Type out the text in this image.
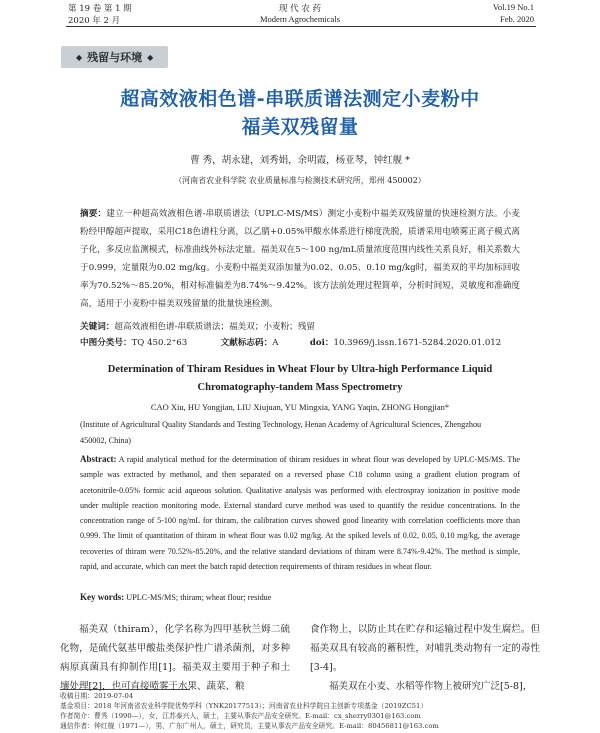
第 19 卷 第 1 期
2020 年 2 月
现 代 农 药
Modern Agrochemicals
Vol.19 No.1
Feb. 2020
◆ 残留与环境 ◆
超高效液相色谱-串联质谱法测定小麦粉中
福美双残留量
曹 秀，胡永建，刘秀娟，余明霞，杨亚琴，钟红舰 *
（河南省农业科学院 农业质量标准与检测技术研究所，郑州 450002）
摘要：建立一种超高效液相色谱-串联质谱法（UPLC-MS/MS）测定小麦粉中福美双残留量的快速检测方法。小麦粉经甲醇超声提取，采用C18色谱柱分离，以乙腈+0.05%甲酸水体系进行梯度洗脱，质谱采用电喷雾正离子模式离子化，多反应监测模式，标准曲线外标法定量。福美双在5～100 ng/mL质量浓度范围内线性关系良好，相关系数大于0.999，定量限为0.02 mg/kg。小麦粉中福美双添加量为0.02、0.05、0.10 mg/kg时，福美双的平均加标回收率为70.52%～85.20%，相对标准偏差为8.74%～9.42%。该方法前处理过程简单，分析时间短，灵敏度和准确度高，适用于小麦粉中福美双残留量的批量快速检测。
关键词：超高效液相色谱-串联质谱法；福美双；小麦粉；残留
中图分类号：TQ 450.2⁺63	文献标志码：A	doi：10.3969/j.issn.1671-5284.2020.01.012
Determination of Thiram Residues in Wheat Flour by Ultra-high Performance Liquid
Chromatography-tandem Mass Spectrometry
CAO Xiu, HU Yongjian, LIU Xiujuan, YU Mingxia, YANG Yaqin, ZHONG Hongjian*
(Institute of Agricultural Quality Standards and Testing Technology, Henan Academy of Agricultural Sciences, Zhengzhou
450002, China)
Abstract: A rapid analytical method for the determination of thiram residues in wheat flour was developed by UPLC-MS/MS. The sample was extracted by methanol, and then separated on a reversed phase C18 column using a gradient elution program of acetonitrile-0.05% formic acid aqueous solution. Qualitative analysis was performed with electrospray ionization in positive mode under multiple reaction monitoring mode. External standard curve method was used to quantify the residue concentrations. In the concentration range of 5-100 ng/mL for thiram, the calibration curves showed good linearity with correlation coefficients more than 0.999. The limit of quantitation of thiram in wheat flour was 0.02 mg/kg. At the spiked levels of 0.02, 0.05, 0.10 mg/kg, the average recoveries of thiram were 70.52%-85.20%, and the relative standard deviations of thiram were 8.74%-9.42%. The method is simple, rapid, and accurate, which can meet the batch rapid detection requirements of thiram residues in wheat flour.
Key words: UPLC-MS/MS; thiram; wheat flour; residue
福美双（thiram），化学名称为四甲基秋兰姆二硫化物，是硫代氨基甲酸盐类保护性广谱杀菌剂，对多种病原真菌具有抑制作用[1]。福美双主要用于种子和土壤处理[2]，也可直接喷雾于水果、蔬菜、粮
食作物上，以防止其在贮存和运输过程中发生腐烂。但福美双具有较高的蓄积性，对哺乳类动物有一定的毒性[3-4]。
福美双在小麦、水稻等作物上被研究广泛[5-8]，
收稿日期：2019-07-04
基金项目：2018 年河南省农业科学院优势学科（YNK20177513）；河南省农业科学院自主创新专项基金（2019ZC51）
作者简介：曹秀（1990—），女，江苏泰兴人，硕士，主要从事农产品安全研究。E-mail：cx_sherry0301@163.com
通信作者：钟红舰（1971—），男，广东广州人，硕士，研究员，主要从事农产品安全研究。E-mail：80456811@163.com
